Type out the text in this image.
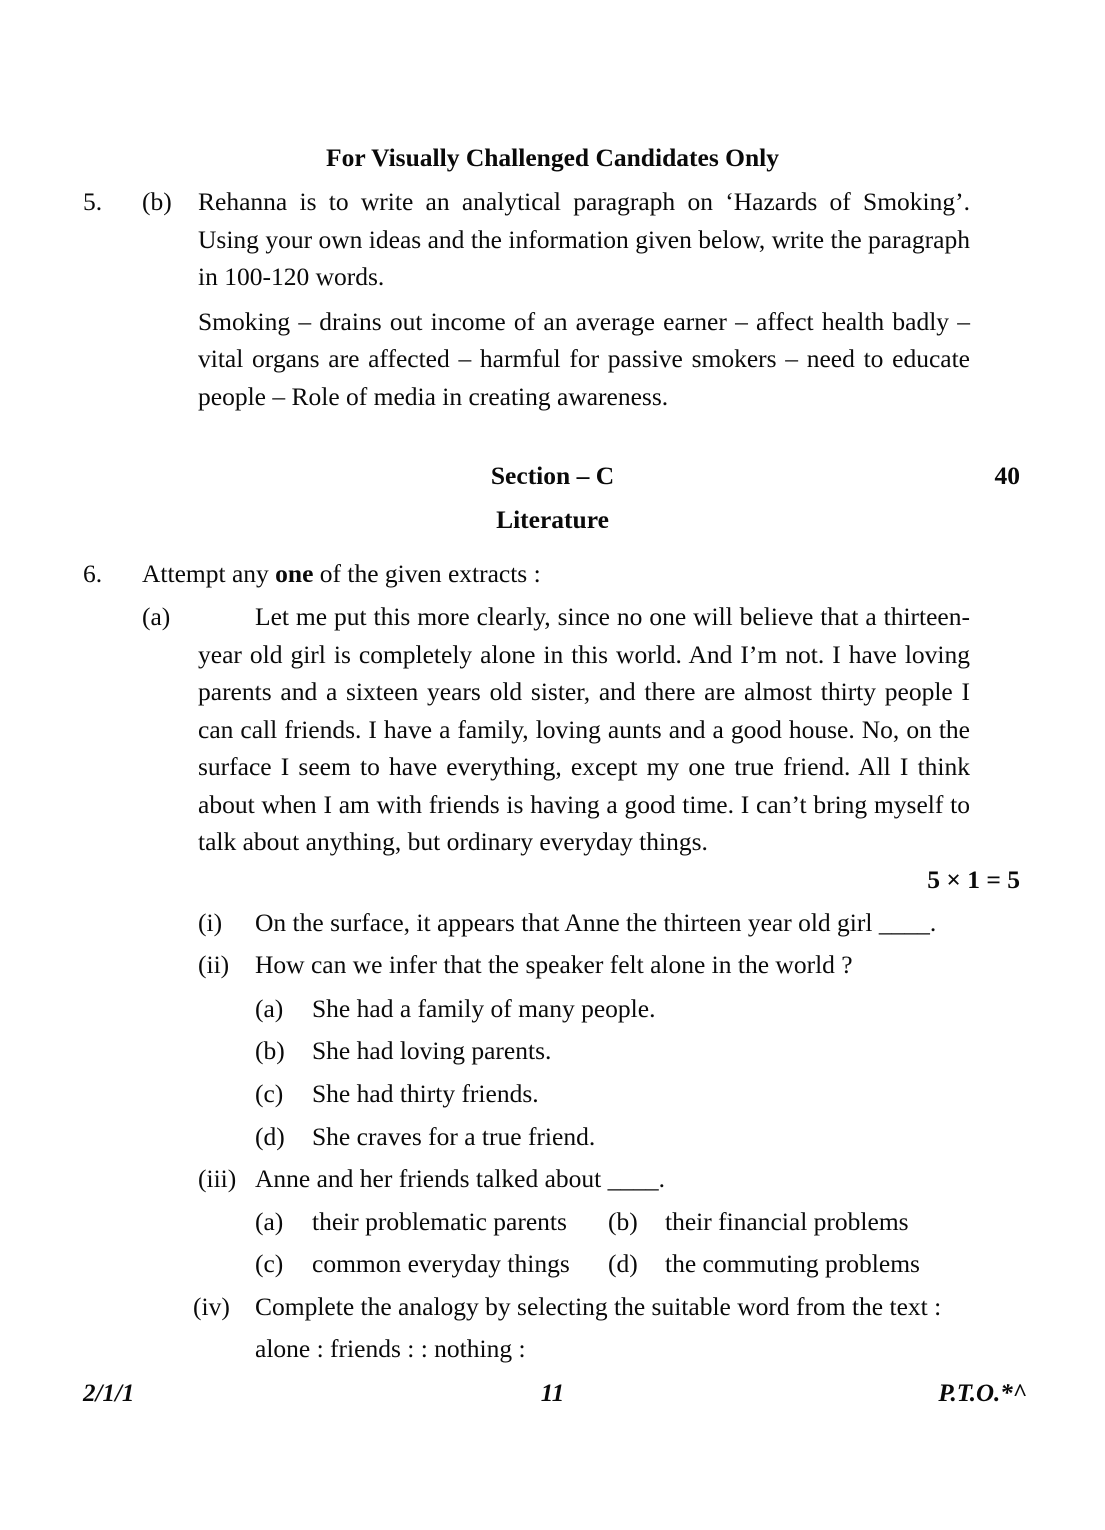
For Visually Challenged Candidates Only
5.	(b)	Rehanna is to write an analytical paragraph on ‘Hazards of Smoking’. Using your own ideas and the information given below, write the paragraph in 100-120 words.

Smoking – drains out income of an average earner – affect health badly – vital organs are affected – harmful for passive smokers – need to educate people – Role of media in creating awareness.

Section – C	40
Literature
6. Attempt any one of the given extracts :
(a)	Let me put this more clearly, since no one will believe that a thirteen-year old girl is completely alone in this world. And I’m not. I have loving parents and a sixteen years old sister, and there are almost thirty people I can call friends. I have a family, loving aunts and a good house. No, on the surface I seem to have everything, except my one true friend. All I think about when I am with friends is having a good time. I can’t bring myself to talk about anything, but ordinary everyday things.

5 × 1 = 5
(i)	On the surface, it appears that Anne the thirteen year old girl ____.
(ii)	How can we infer that the speaker felt alone in the world ?
(a)	She had a family of many people.
(b)	She had loving parents.
(c)	She had thirty friends.
(d)	She craves for a true friend.
(iii) Anne and her friends talked about ____.
(a)	their problematic parents (b)	their financial problems
(c)	common everyday things (d)	the commuting problems
(iv) Complete the analogy by selecting the suitable word from the text :
alone : friends : : nothing :
2/1/1	11	P.T.O.*^
